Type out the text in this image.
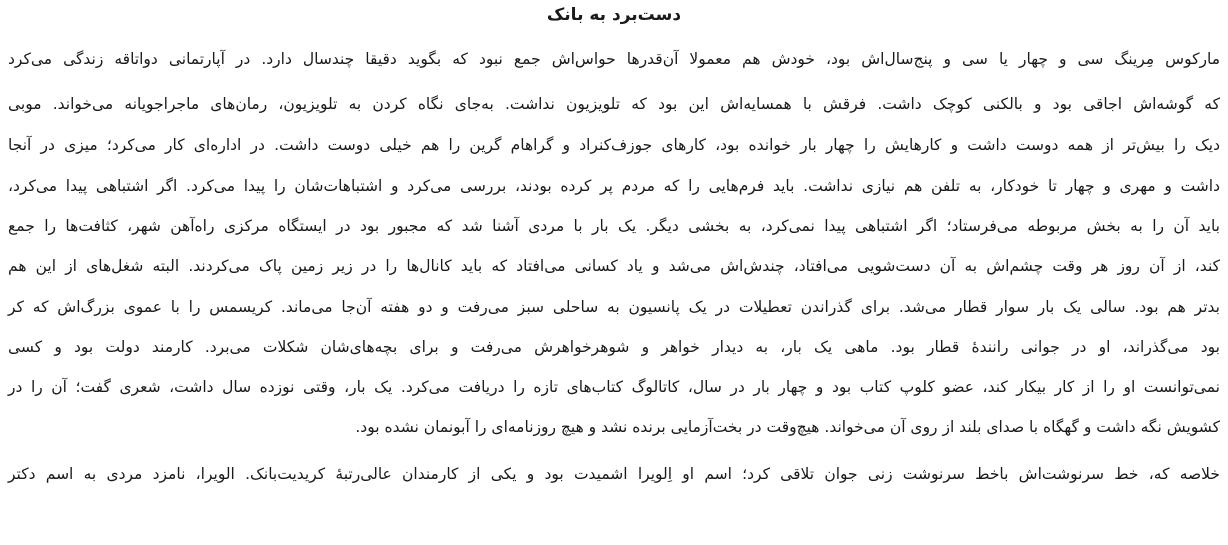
دست‌برد به بانک
مارکوس مِرینگ سی و چهار یا سی و پنج‌سال‌اش بود، خودش هم معمولا آن‌قدرها حواس‌اش جمع نبود که بگوید دقیقا چندسال دارد. در آپارتمانی دواتاقه زندگی می‌کرد
که گوشه‌اش اجاقی بود و بالکنی کوچک داشت. فرقش با همسایه‌اش این بود که تلویزیون نداشت. به‌جای نگاه کردن به تلویزیون، رمان‌های ماجراجویانه می‌خواند. موبی
دیک را بیش‌تر از همه دوست داشت و کارهایش را چهار بار خوانده بود، کارهای جوزف‌کنراد و گراهام گرین را هم خیلی دوست داشت. در اداره‌ای کار می‌کرد؛ میزی در آنجا
داشت و مهری و چهار تا خودکار، به تلفن هم نیازی نداشت. باید فرم‌هایی را که مردم پر کرده بودند، بررسی می‌کرد و اشتباهات‌شان را پیدا می‌کرد. اگر اشتباهی پیدا می‌کرد،
باید آن را به بخش مربوطه می‌فرستاد؛ اگر اشتباهی پیدا نمی‌کرد، به بخشی دیگر. یک بار با مردی آشنا شد که مجبور بود در ایستگاه مرکزی راه‌آهن شهر، کثافت‌ها را جمع
کند، از آن روز هر وقت چشم‌اش به آن دست‌شویی می‌افتاد، چندش‌اش می‌شد و یاد کسانی می‌افتاد که باید کانال‌ها را در زیر زمین پاک می‌کردند. البته شغل‌های از این هم
بدتر هم بود. سالی یک بار سوار قطار می‌شد. برای گذراندن تعطیلات در یک پانسیون به ساحلی سبز می‌رفت و دو هفته آن‌جا می‌ماند. کریسمس را با عموی بزرگ‌اش که کر
بود می‌گذراند، او در جوانی رانندهٔ قطار بود. ماهی یک بار، به دیدار خواهر و شوهرخواهرش می‌رفت و برای بچه‌های‌شان شکلات می‌برد. کارمند دولت بود و کسی
نمی‌توانست او را از کار بیکار کند، عضو کلوپ کتاب بود و چهار بار در سال، کاتالوگ کتاب‌های تازه را دریافت می‌کرد. یک بار، وقتی نوزده سال داشت، شعری گفت؛ آن را در
کشویش نگه داشت و گهگاه با صدای بلند از روی آن می‌خواند. هیچ‌وقت در بخت‌آزمایی برنده نشد و هیچ روزنامه‌ای را آبونمان نشده بود.
خلاصه که، خط سرنوشت‌اش باخط سرنوشت زنی جوان تلاقی کرد؛ اسم او اِلویرا اشمیدت بود و یکی از کارمندان عالی‌رتبهٔ کریدیت‌بانک. الویرا، نامزد مردی به اسم دکتر
